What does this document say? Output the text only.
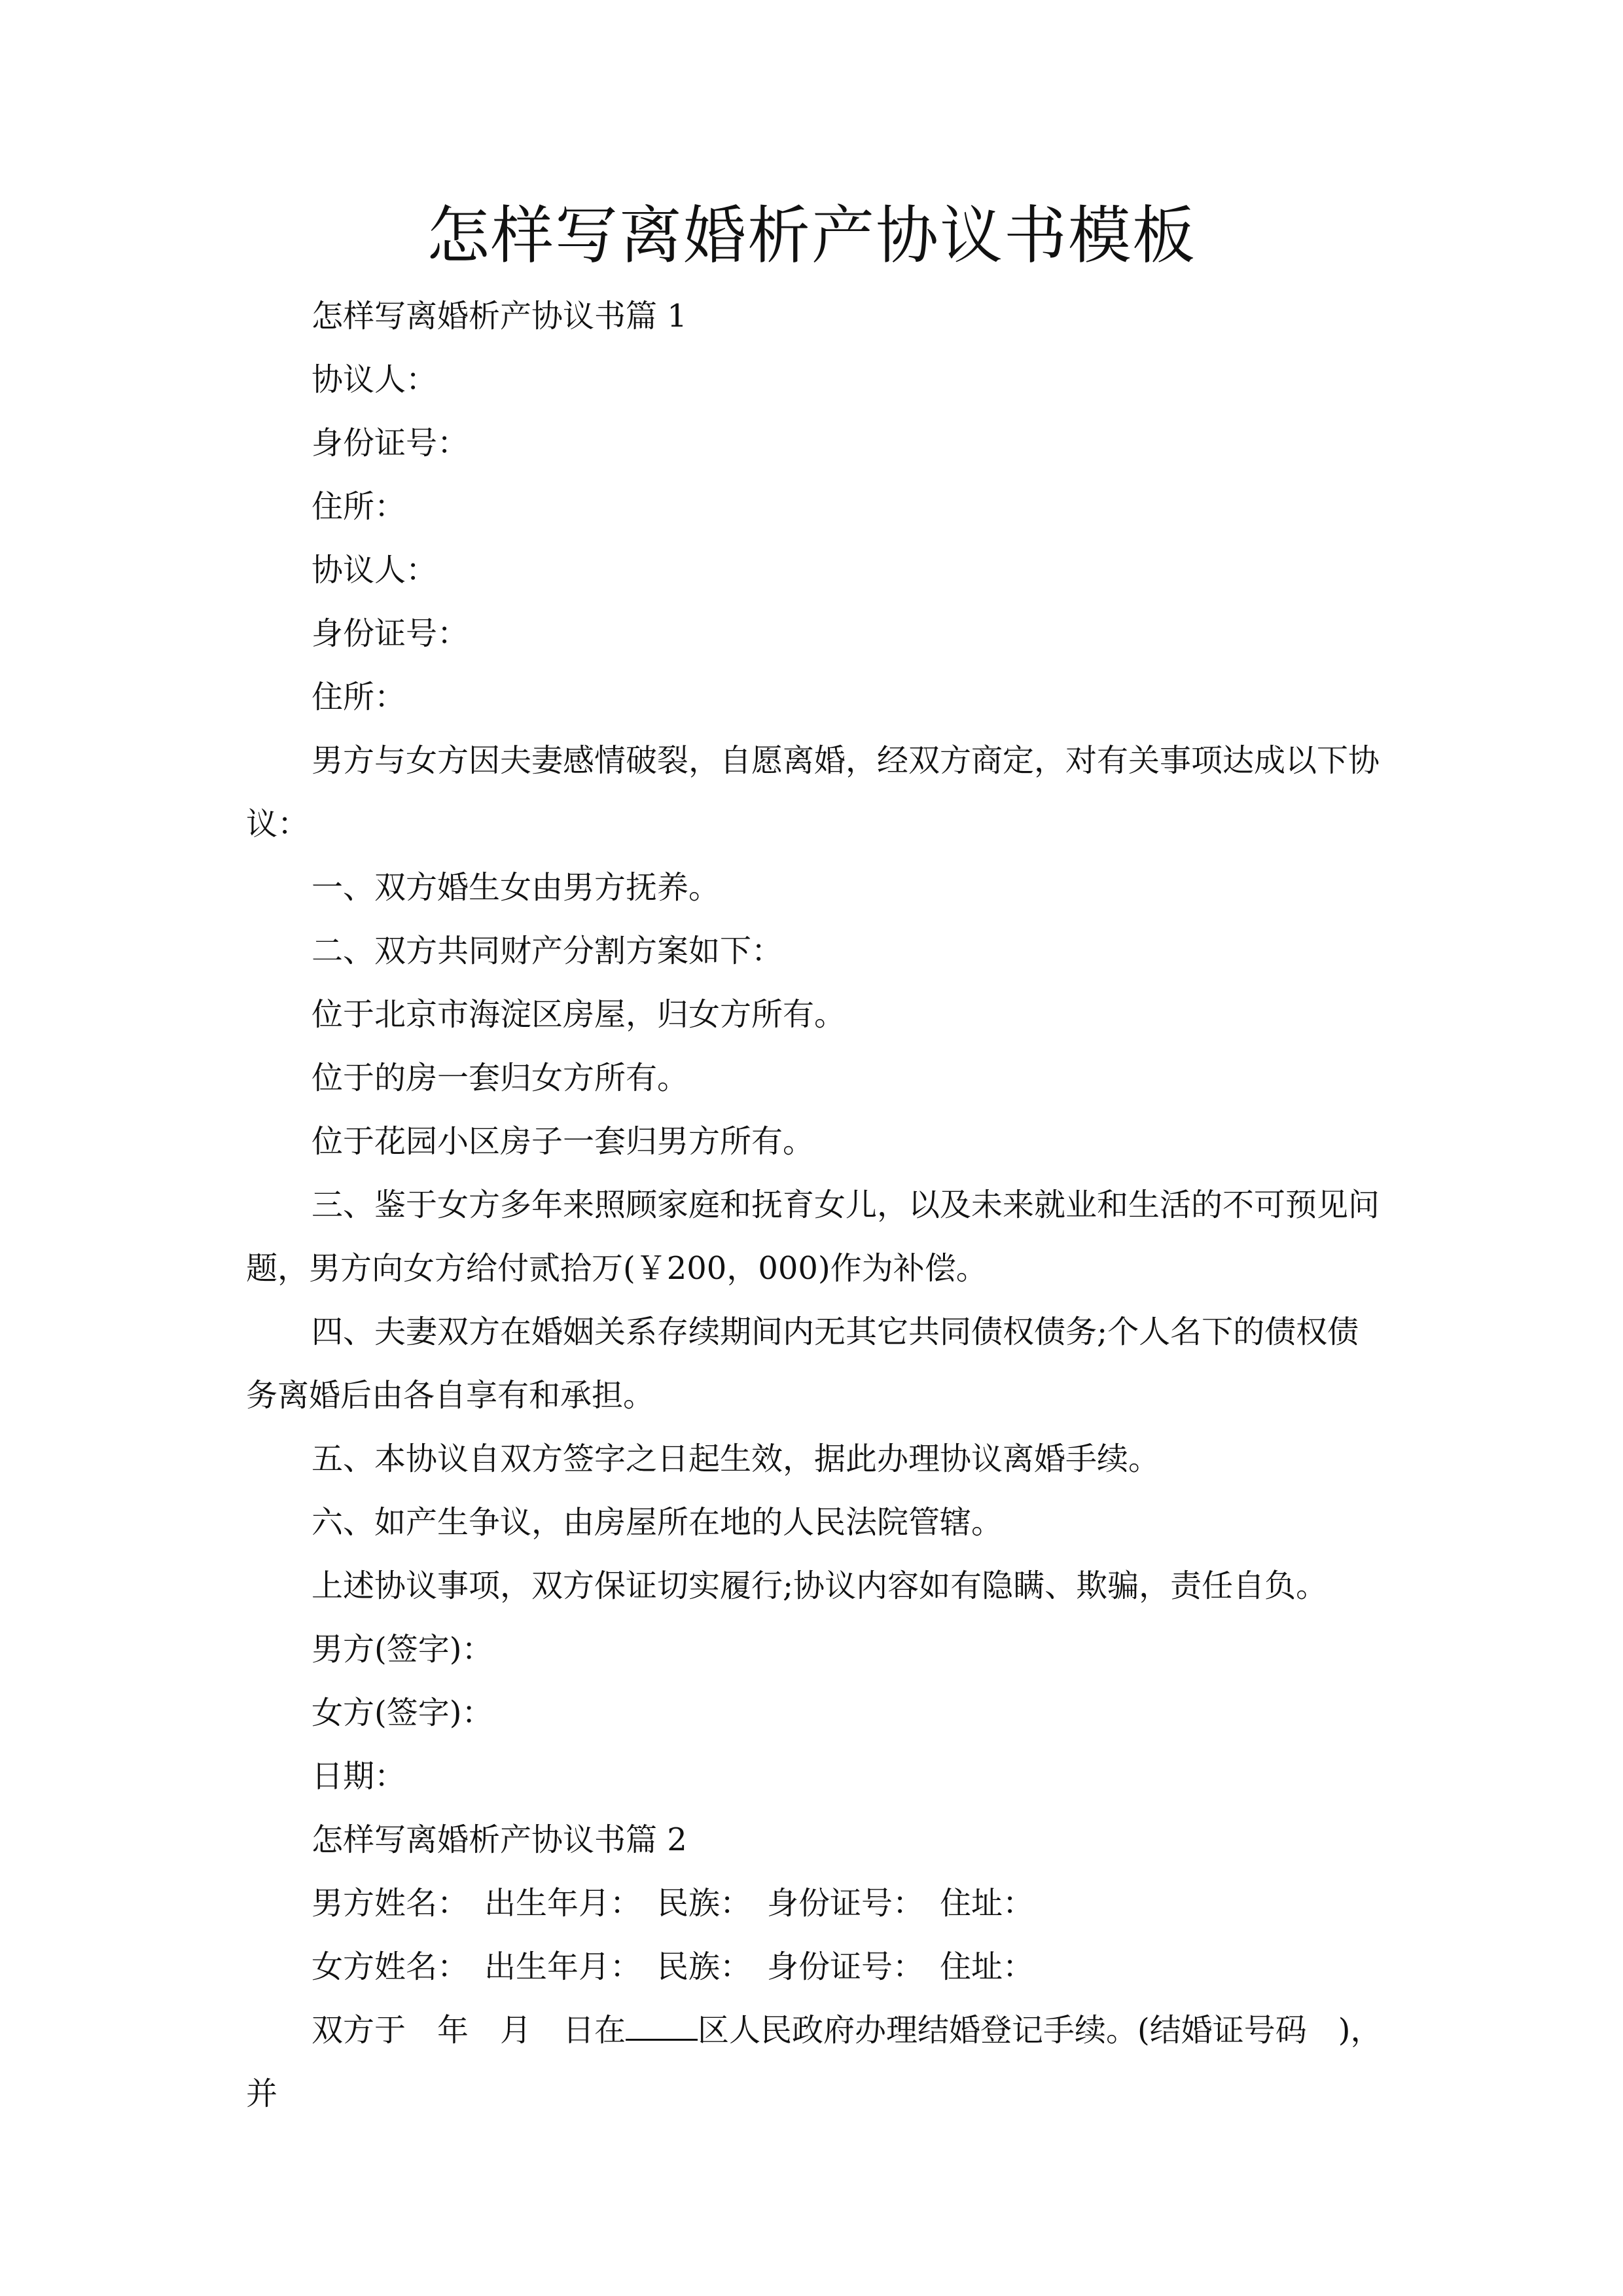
怎样写离婚析产协议书模板

怎样写离婚析产协议书篇 1

协议人：

身份证号：

住所：

协议人：

身份证号：

住所：

男方与女方因夫妻感情破裂，自愿离婚，经双方商定，对有关事项达成以下协议：

一、双方婚生女由男方抚养。

二、双方共同财产分割方案如下：

位于北京市海淀区房屋，归女方所有。

位于的房一套归女方所有。

位于花园小区房子一套归男方所有。

三、鉴于女方多年来照顾家庭和抚育女儿，以及未来就业和生活的不可预见问题，男方向女方给付贰拾万(￥200，000)作为补偿。

四、夫妻双方在婚姻关系存续期间内无其它共同债权债务;个人名下的债权债务离婚后由各自享有和承担。

五、本协议自双方签字之日起生效，据此办理协议离婚手续。

六、如产生争议，由房屋所在地的人民法院管辖。

上述协议事项，双方保证切实履行;协议内容如有隐瞒、欺骗，责任自负。

男方(签字)：

女方(签字)：

日期：

怎样写离婚析产协议书篇 2

男方姓名：　出生年月：　民族：　身份证号：　住址：

女方姓名：　出生年月：　民族：　身份证号：　住址：

双方于　年　月　日在 区人民政府办理结婚登记手续。(结婚证号码　)，并
